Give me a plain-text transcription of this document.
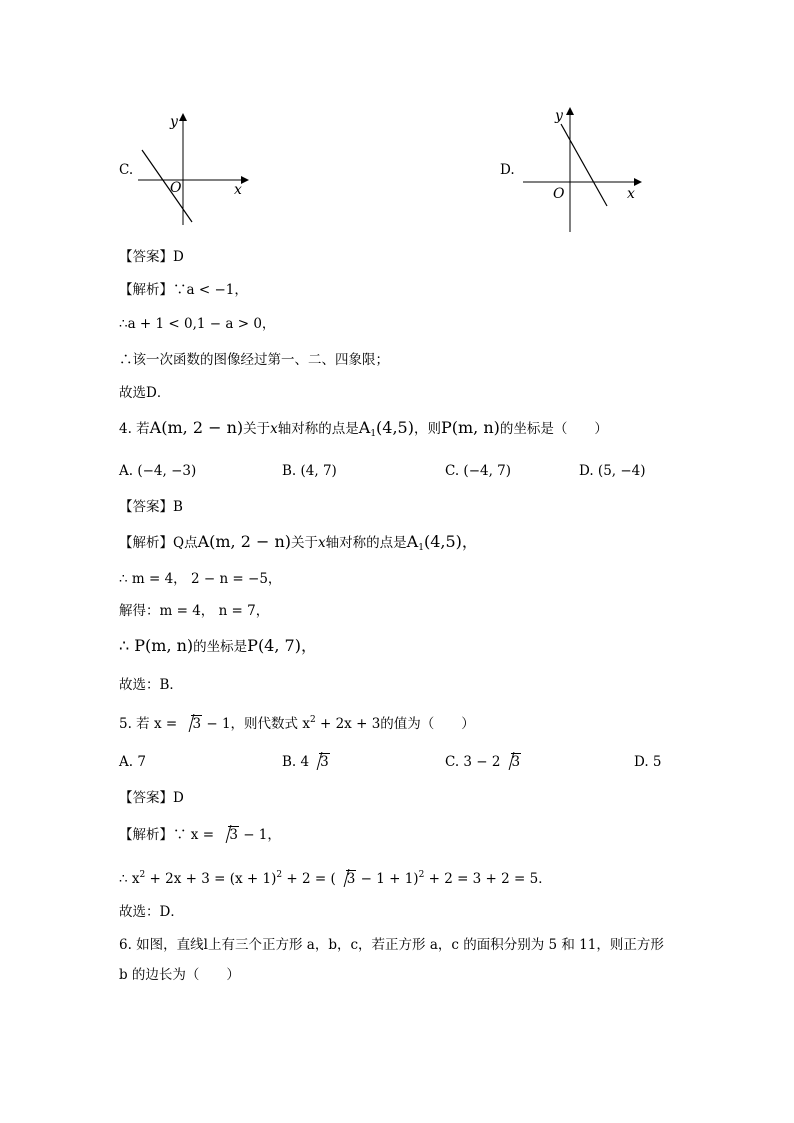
C.
x
y
O
D.
x
y
O
【答案】D
【解析】∵a < −1，
∴a + 1 < 0,1 − a > 0，
∴该一次函数的图像经过第一、二、四象限；
故选D．
4. 若A(m, 2 − n)关于x轴对称的点是$A_1(4,5)$，则P(m, n)的坐标是（　　）
A. (−4, −3)	B. (4, 7)	C. (−4, 7)	D. (5, −4)
【答案】B
【解析】Q点A(m, 2 − n)关于x轴对称的点是$A_1(4,5)$，
∴ m = 4， 2 − n = −5，
解得：m = 4， n = 7，
∴ P(m, n)的坐标是P(4, 7)，
故选：B．
5. 若 x = 3 − 1，则代数式 $x^2 + 2x + 3$的值为（　　）
A. 7	B. 4 3	C. 3 − 2 3	D. 5
【答案】D
【解析】∵ x = 3 − 1，
∴ $x^2 + 2x + 3 = (x + 1)^2 + 2$ = ( 3 − 1 + 1)$^2$ + 2 = 3 + 2 = 5．
故选：D．
6. 如图，直线l上有三个正方形 a，b，c，若正方形 a，c 的面积分别为 5 和 11，则正方形
b 的边长为（　　）
